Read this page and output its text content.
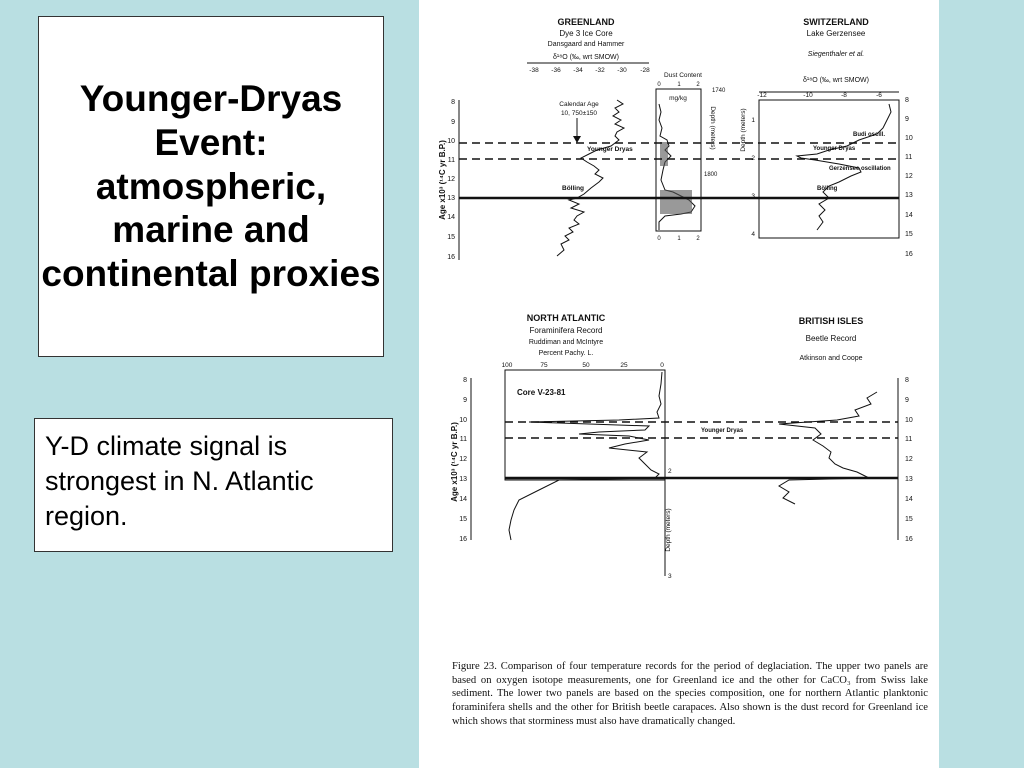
Younger-Dryas Event: atmospheric, marine and continental proxies
Y-D climate signal is strongest in N. Atlantic region.
GREENLAND
Dye 3 Ice Core
Dansgaard and Hammer
δ¹⁸O (‰, wrt SMOW)
-38 -36 -34 -32 -30 -28
8
9
10
11
12
13
14
15
16
Age x10³ (¹⁴C yr B.P.)
Calendar Age
10, 750±150
Younger Dryas
Bölling
Dust Content
0	1	2
1740
mg/kg
0	1	2
Depth (meters)
1800
SWITZERLAND
Lake Gerzensee
Siegenthaler et al.
δ¹⁸O (‰, wrt SMOW)
-12	-10	-8	-6
1
2
3
4
Depth (meters)	Budi oscill.
Younger Dryas
Gerzensee oscillation
Bölling
8
9
10
11
12
13
14
15
16
NORTH ATLANTIC
Foraminifera Record
Ruddiman and McIntyre
Percent Pachy. L.
100	75	50	25	0
Core V-23-81
8
9
10
11
12
13
14
15
16
Age x10³ (¹⁴C yr B.P.)	2
3
Depth (meters)
BRITISH ISLES
Beetle Record
Atkinson and Coope
Younger Dryas
8
9
10
11
12
13
14
15
16
Figure 23. Comparison of four temperature records for the period of deglaciation. The upper two panels are based on oxygen isotope measurements, one for Greenland ice and the other for CaCO₃ from Swiss lake sediment. The lower two panels are based on the species composition, one for northern Atlantic planktonic foraminifera shells and the other for British beetle carapaces. Also shown is the dust record for Greenland ice which shows that storminess must also have dramatically changed.
